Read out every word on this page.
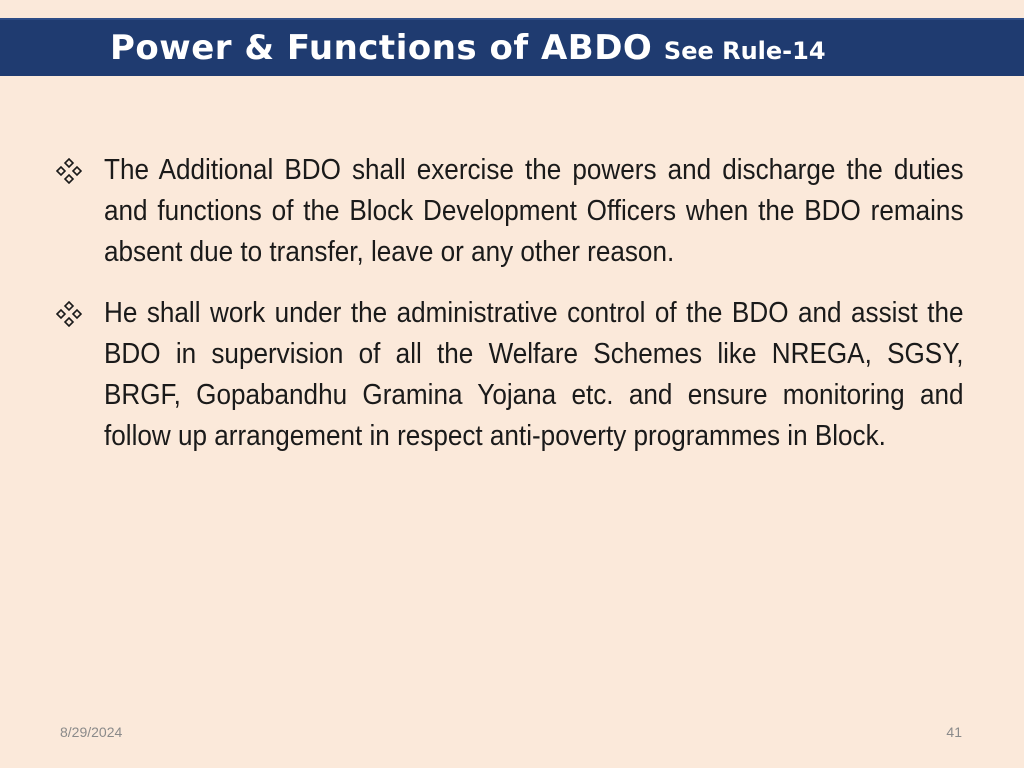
Power & Functions of ABDO See Rule-14
The Additional BDO shall exercise the powers and discharge the duties and functions of the Block Development Officers when the BDO remains absent due to transfer, leave or any other reason.
He shall work under the administrative control of the BDO and assist the BDO in supervision of all the Welfare Schemes like NREGA, SGSY, BRGF, Gopabandhu Gramina Yojana etc. and ensure monitoring and follow up arrangement in respect anti-poverty programmes in Block.
8/29/2024	41
